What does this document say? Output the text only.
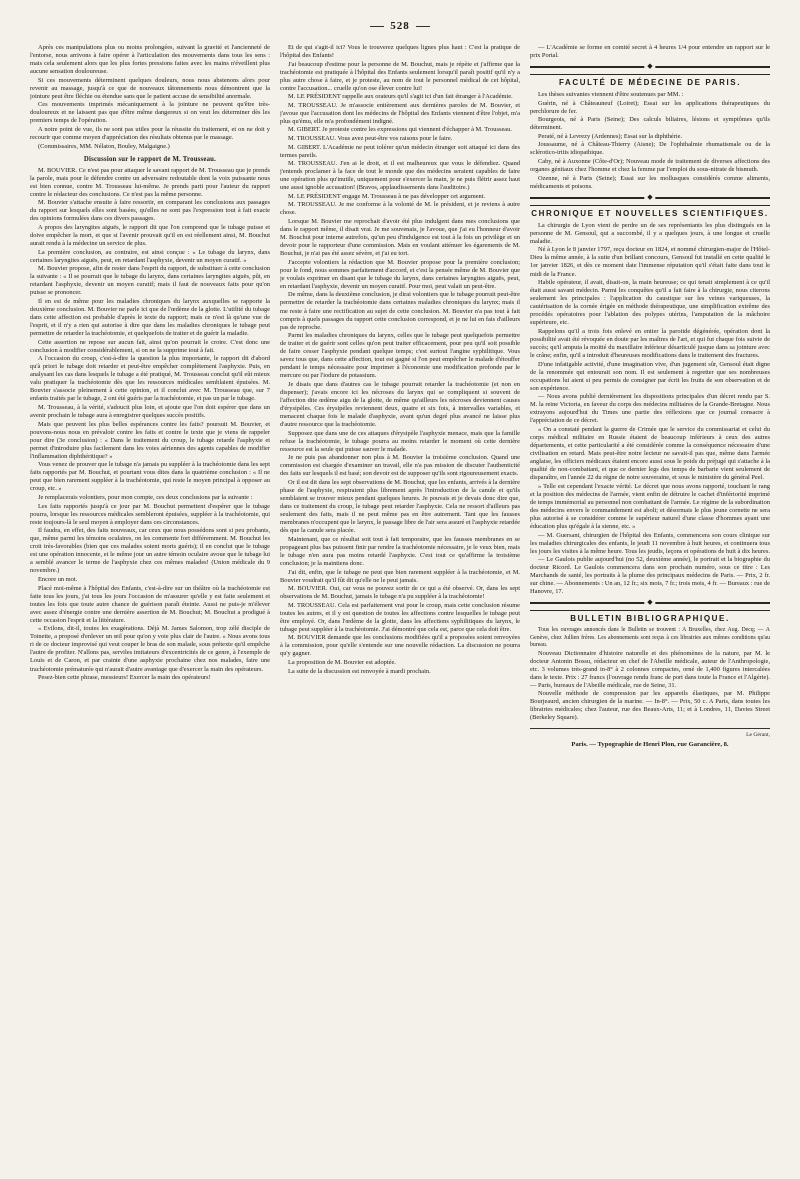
528

Après ces manipulations plus ou moins prolongées, suivant la gravité et l'ancienneté de l'entorse, nous arrivons à faire opérer à l'articulation des mouvements dans tous les sens : mais cela seulement alors que les plus fortes pressions faites avec les mains n'éveillent plus aucune sensation douloureuse.

Si ces mouvements déterminent quelques douleurs, nous nous abstenons alors pour revenir au massage, jusqu'à ce que de nouveaux tâtonnements nous démontrent que la jointure peut être fléchie ou étendue sans que le patient accuse de sensibilité anormale.

Ces mouvements imprimés mécaniquement à la jointure ne peuvent qu'être très-douloureux et ne laissent pas que d'être même dangereux si on veut les déterminer dès les premiers temps de l'opération.

A notre point de vue, ils ne sont pas utiles pour la réussite du traitement, et on ne doit y recourir que comme moyen d'appréciation des résultats obtenus par le massage.

(Commissaires, MM. Nélaton, Bouley, Malgaigne.)

Discussion sur le rapport de M. Trousseau.

M. BOUVIER. Ce n'est pas pour attaquer le savant rapport de M. Trousseau que je prends la parole, mais pour le défendre contre un adversaire redoutable dont la voix puissante nous est bien connue, contre M. Trousseau lui-même. Je prends parti pour l'auteur du rapport contre le rédacteur des conclusions. Ce n'est pas la même personne.

M. Bouvier s'attache ensuite à faire ressortir, en comparant les conclusions aux passages du rapport sur lesquels elles sont basées, qu'elles ne sont pas l'expression tout à fait exacte des opinions formulées dans ces divers passages.

A propos des laryngites aiguës, le rapport dit que l'on comprend que le tubage puisse et doive empêcher la mort, et que si l'avenir prouvait qu'il en est réellement ainsi, M. Bouchut aurait rendu à la médecine un service de plus.

La première conclusion, au contraire, est ainsi conçue : « Le tubage du larynx, dans certaines laryngites aiguës, peut, en retardant l'asphyxie, devenir un moyen curatif. »

M. Bouvier propose, afin de rester dans l'esprit du rapport, de substituer à cette conclusion la suivante : « Il se pourrait que le tubage du larynx, dans certaines laryngites aiguës, pût, en retardant l'asphyxie, devenir un moyen curatif; mais il faut de nouveaux faits pour qu'on puisse se prononcer.

Il en est de même pour les maladies chroniques du larynx auxquelles se rapporte la deuxième conclusion. M. Bouvier ne parle ici que de l'œdème de la glotte. L'utilité du tubage dans cette affection est probable d'après le texte du rapport; mais ce n'est là qu'une vue de l'esprit, et il n'y a rien qui autorise à dire que dans les maladies chroniques le tubage peut permettre de retarder la trachéotomie, et quelquefois de traiter et de guérir la maladie.

Cette assertion ne repose sur aucun fait, ainsi qu'on pourrait le croire. C'est donc une conclusion à modifier considérablement, si on ne la supprime tout à fait.

A l'occasion du croup, c'est-à-dire la question la plus importante, le rapport dit d'abord qu'à priori le tubage doit retarder et peut-être empêcher complètement l'asphyxie. Puis, en analysant les cas dans lesquels le tubage a été pratiqué, M. Trousseau conclut qu'il eût mieux valu pratiquer la trachéotomie dès que les ressources médicales semblaient épuisées. M. Bouvier s'associe pleinement à cette opinion, et il conclut avec M. Trousseau que, sur 7 enfants traités par le tubage, 2 ont été guéris par la trachéotomie, et pas un par le tubage.

M. Trousseau, à la vérité, s'adoucit plus loin, et ajoute que l'on doit espérer que dans un avenir prochain le tubage aura à enregistrer quelques succès positifs.

Mais que peuvent les plus belles espérances contre les faits? poursuit M. Bouvier, et pouvons-nous nous en prévaloir contre les faits et contre le texte que je viens de rappeler pour dire (3e conclusion) : « Dans le traitement du croup, le tubage retarde l'asphyxie et permet d'introduire plus facilement dans les voies aériennes des agents capables de modifier l'inflammation diphthéritique? »

Vous venez de prouver que le tubage n'a jamais pu suppléer à la trachéotomie dans les sept faits rapportés par M. Bouchut, et pourtant vous dites dans la quatrième conclusion : « Il ne peut que bien rarement suppléer à la trachéotomie, qui reste le moyen principal à opposer au croup, etc. »

Je remplacerais volontiers, pour mon compte, ces deux conclusions par la suivante :

Les faits rapportés jusqu'à ce jour par M. Bouchut permettent d'espérer que le tubage pourra, lorsque les ressources médicales sembleront épuisées, suppléer à la trachéotomie, qui reste toujours-là le seul moyen à employer dans ces circonstances.

Il faudra, en effet, des faits nouveaux, car ceux que nous possédons sont si peu probants, que, même parmi les témoins oculaires, on les commente fort différemment. M. Bouchut les croit très-favorables (bien que ces malades soient morts guéris); il en conclut que le tubage est une opération innocente, et le même jour un autre témoin oculaire avoue que le tubage lui a semblé avancer le terme de l'asphyxie chez ces mêmes malades! (Union médicale du 9 novembre.)

Encore un mot.

Placé moi-même à l'hôpital des Enfants, c'est-à-dire sur un théâtre où la trachéotomie est faite tous les jours, j'ai tous les jours l'occasion de m'assurer qu'elle y est faite seulement et toutes les fois que toute autre chance de guérison paraît éteinte. Aussi ne puis-je m'élever avec assez d'énergie contre une dernière assertion de M. Bouchut; M. Bouchut a prodigué à cette occasion l'esprit et la littérature.

« Evilons, dit-il, toutes les exagérations. Déjà M. James Salomon, trop zélé disciple de Toinette, a proposé d'enlever un œil pour qu'on y voie plus clair de l'autre. » Nous avons tous ri de ce docteur improvisé qui veut couper le bras de son malade, sous prétexte qu'il empêche l'autre de profiter. N'allons pas, serviles imitateurs d'excentricités de ce genre, à l'exemple de Louis et de Caron, et par crainte d'une asphyxie prochaine chez nos malades, faire une trachéotomie prématurée qui n'aurait d'autre avantage que d'exercer la main des opérateurs.

Pesez-bien cette phrase, messieurs! Exercer la main des opérateurs!

Et de qui s'agit-il ici? Vous le trouverez quelques lignes plus haut : C'est la pratique de l'hôpital des Enfants!

J'ai beaucoup d'estime pour la personne de M. Bouchut, mais je répète et j'affirme que la trachéotomie est pratiquée à l'hôpital des Enfants seulement lorsqu'il paraît positif qu'il n'y a plus autre chose à faire, et je proteste, au nom de tout le personnel médical de cet hôpital, contre l'accusation... cruelle qu'on ose élever contre lui!

M. LE PRÉSIDENT rappelle aux orateurs qu'il s'agit ici d'un fait étranger à l'Académie.

M. TROUSSEAU. Je m'associe entièrement aux dernières paroles de M. Bouvier, et j'avoue que l'accusation dont les médecins de l'hôpital des Enfants viennent d'être l'objet, m'a plus qu'ému, elle m'a profondément indigné.

M. GIBERT. Je proteste contre les expressions qui viennent d'échapper à M. Trousseau.

M. TROUSSEAU. Vous avez peut-être vos raisons pour le faire.

M. GIBERT. L'Académie ne peut tolérer qu'un médecin étranger soit attaqué ici dans des termes pareils.

M. TROUSSEAU. J'en ai le droit, et il est malheureux que vous le défendiez. Quand j'entends proclamer à la face de tout le monde que des médecins seraient capables de faire une opération plus qu'inutile, uniquement pour s'exercer la main, je ne puis flétrir assez haut une aussi ignoble accusation! (Bravos, applaudissements dans l'auditoire.)

M. LE PRÉSIDENT engage M. Trousseau à ne pas développer cet argument.

M. TROUSSEAU. Je me conforme à la volonté de M. le président, et je reviens à autre chose.

Lorsque M. Bouvier me reprochait d'avoir été plus indulgent dans mes conclusions que dans le rapport même, il disait vrai. Je me souvenais, je l'avoue, que j'ai eu l'honneur d'avoir M. Bouchut pour interne autrefois, qu'un peu d'indulgence est tout à la fois un privilège et un devoir pour le rapporteur d'une commission. Mais en voulant atténuer les égarements de M. Bouchut, je n'ai pas été assez sévère, et j'ai eu tort.

J'accepte volontiers la rédaction que M. Bouvier propose pour la première conclusion; pour le fond, nous sommes parfaitement d'accord, et c'est la pensée même de M. Bouvier que je voulais exprimer en disant que le tubage du larynx, dans certaines laryngites aiguës, peut, en retardant l'asphyxie, devenir un moyen curatif. Pour moi, peut valait un peut-être.

De même, dans la deuxième conclusion, je dirai volontiers que le tubage pourrait peut-être permettre de retarder la trachéotomie dans certaines maladies chroniques du larynx; mais il me reste à faire une rectification au sujet de cette conclusion. M. Bouvier n'a pas tout à fait compris à quels passages du rapport cette conclusion correspond, et je ne lui en fais d'ailleurs pas de reproche.

Parmi les maladies chroniques du larynx, celles que le tubage peut quelquefois permettre de traiter et de guérir sont celles qu'on peut traiter efficacement, pour peu qu'il soit possible de faire cesser l'asphyxie pendant quelque temps; c'est surtout l'angine syphilitique. Vous savez tous que, dans cette affection, tout est gagné si l'on peut empêcher le malade d'étouffer pendant le temps nécessaire pour imprimer à l'économie une modification profonde par le mercure ou par l'iodure de potassium.

Je disais que dans d'autres cas le tubage pourrait retarder la trachéotomie (et non en dispenser); j'avais encore ici les nécroses du larynx qui se compliquent si souvent de l'affection dite œdème aigu de la glotte, de même qu'ailleurs les nécroses deviennent causes d'érysipèles. Ces érysipèles reviennent deux, quatre et six fois, à intervalles variables, et menacent chaque fois le malade d'asphyxie, avant qu'un degré plus avancé ne laisse plus d'autre ressource que la trachéotomie.

Supposez que dans une de ces attaques d'érysipèle l'asphyxie menace, mais que la famille refuse la trachéotomie, le tubage pourra au moins retarder le moment où cette dernière ressource est la seule qui puisse sauver le malade.

Je ne puis pas abandonner non plus à M. Bouvier la troisième conclusion. Quand une commission est chargée d'examiner un travail, elle n'a pas mission de discuter l'authenticité des faits sur lesquels il est basé; son devoir est de supposer qu'ils sont rigoureusement exacts.

Or il est dit dans les sept observations de M. Bouchut, que les enfants, arrivés à la dernière phase de l'asphyxie, respiraient plus librement après l'introduction de la canule et qu'ils semblaient se trouver mieux pendant quelques heures. Je pouvais et je devais donc dire que, dans ce traitement du croup, le tubage peut retarder l'asphyxie. Cela ne ressort d'ailleurs pas seulement des faits, mais il ne peut même pas en être autrement. Tant que les fausses membranes n'occupent que le larynx, le passage libre de l'air sera assuré et l'asphyxie retardée dès que la canule sera placée.

Maintenant, que ce résultat soit tout à fait temporaire, que les fausses membranes en se propageant plus bas puissent finir par rendre la trachéotomie nécessaire, je le veux bien, mais le tubage n'en aura pas moins retardé l'asphyxie. C'est tout ce qu'affirme la troisième conclusion; je la maintiens donc.

J'ai dit, enfin, que le tubage ne peut que bien rarement suppléer à la trachéotomie, et M. Bouvier voudrait qu'il fût dit qu'elle ne le peut jamais.

M. BOUVIER. Oui, car vous ne pouvez sortir de ce qui a été observé. Or, dans les sept observations de M. Bouchut, jamais le tubage n'a pu suppléer à la trachéotomie!

M. TROUSSEAU. Cela est parfaitement vrai pour le croup, mais cette conclusion résume toutes les autres, et il y est question de toutes les affections contre lesquelles le tubage peut être employé. Or, dans l'œdème de la glotte, dans les affections syphilitiques du larynx, le tubage peut suppléer à la trachéotomie. J'ai démontré que cela est, parce que cela doit être.

M. BOUVIER demande que les conclusions modifiées qu'il a proposées soient renvoyées à la commission, pour qu'elle s'entende sur une nouvelle rédaction. La discussion ne pourra qu'y gagner.

La proposition de M. Bouvier est adoptée.

La suite de la discussion est renvoyée à mardi prochain.

— L'Académie se forme en comité secret à 4 heures 1/4 pour entendre un rapport sur le prix Portal.

◆
FACULTÉ DE MÉDECINE DE PARIS.

Les thèses suivantes viennent d'être soutenues par MM. :

Guérin, né à Châteauneuf (Loiret); Essai sur les applications thérapeutiques du perchlorure de fer.

Bourgeois, né à Paris (Seine); Des calculs biliaires, lésions et symptômes qu'ils déterminent.

Peraté, né à Levrezy (Ardennes); Essai sur la diphthérie.

Joussaume, né à Château-Thierry (Aisne); De l'ophthalmie rhumatismale ou de la sclérotico-iritis idiopathique.

Caby, né à Auxonne (Côte-d'Or); Nouveau mode de traitement de diverses affections des organes génitaux chez l'homme et chez la femme par l'emploi du sous-nitrate de bismuth.

Ozenne, né à Paris (Seine); Essai sur les mollusques considérés comme aliments, médicaments et poisons.

◆
CHRONIQUE ET NOUVELLES SCIENTIFIQUES.

La chirurgie de Lyon vient de perdre un de ses représentants les plus distingués en la personne de M. Gensoul, qui a succombé, il y a quelques jours, à une longue et cruelle maladie.

Né à Lyon le 8 janvier 1797, reçu docteur en 1824, et nommé chirurgien-major de l'Hôtel-Dieu la même année, à la suite d'un brillant concours, Gensoul fut installé en cette qualité le 1er janvier 1826, et dès ce moment date l'immense réputation qu'il s'était faite dans tout le midi de la France.

Habile opérateur, il avait, disait-on, la main heureuse; ce qui tenait simplement à ce qu'il était aussi savant médecin. Parmi les conquêtes qu'il a fait faire à la chirurgie, nous citerons seulement les principales : l'application du caustique sur les veines variqueuses, la cautérisation de la cornée érigée en méthode thérapeutique, une simplification extrême des procédés opératoires pour l'ablation des polypes utérins, l'amputation de la mâchoire supérieure, etc.

Rappelons qu'il a trois fois enlevé en entier la parotide dégénérée, opération dont la possibilité avait été révoquée en doute par les maîtres de l'art, et qui fut chaque fois suivie de succès; qu'il amputa la moitié du maxillaire inférieur désarticulé jusque dans sa jointure avec le crâne; enfin, qu'il a introduit d'heureuses modifications dans le traitement des fractures.

D'une infatigable activité, d'une imagination vive, d'un jugement sûr, Gensoul était digne de la renommée qui entourait son nom. Il est seulement à regretter que ses nombreuses occupations lui aient si peu permis de consigner par écrit les fruits de son observation et de son expérience.

— Nous avons publié dernièrement les dispositions principales d'un décret rendu par S. M. la reine Victoria, en faveur du corps des médecins militaires de la Grande-Bretagne. Nous extrayons aujourd'hui du Times une partie des réflexions que ce journal consacre à l'appréciation de ce décret.

« On a constaté pendant la guerre de Crimée que le service du commissariat et celui du corps médical militaire en Russie étaient de beaucoup inférieurs à ceux des autres départements, et cette particularité a été considérée comme la conséquence nécessaire d'une civilisation en retard. Mais peut-être notre lecteur ne savait-il pas que, même dans l'armée anglaise, les officiers médicaux étaient encore aussi sous le poids du préjugé qui s'attache à la qualité de non-combattant, et que ce dernier legs des temps de barbarie vient seulement de disparaître, en l'année 22 du règne de notre souveraine, et sous le ministère du général Peel.

» Telle est cependant l'exacte vérité. Le décret que nous avons rapporté, touchant le rang et la position des médecins de l'armée, vient enfin de détruire le cachet d'infériorité imprimé de temps immémorial au personnel non combattant de l'armée. Le régime de la subordination des médecins envers le commandement est aboli; et désormais le plus jeune cornette ne sera plus autorisé à se considérer comme le supérieur naturel d'une classe d'hommes ayant une éducation plus qu'égale à la sienne, etc. »

— M. Guersant, chirurgien de l'hôpital des Enfants, commencera son cours clinique sur les maladies chirurgicales des enfants, le jeudi 11 novembre à huit heures, et continuera tous les jours les visites à la même heure. Tous les jeudis, leçons et opérations de huit à dix heures.

— Le Gaulois publie aujourd'hui (no 52, deuxième année), le portrait et la biographie du docteur Ricord. Le Gaulois commencera dans son prochain numéro, sous ce titre : Les Marchands de santé, les portraits à la plume des principaux médecins de Paris. — Prix, 2 fr. sur chine. — Abonnements : Un an, 12 fr.; six mois, 7 fr.; trois mois, 4 fr. — Bureaux : rue de Hanovre, 17.

◆
BULLETIN BIBLIOGRAPHIQUE.

Tous les ouvrages annoncés dans le Bulletin se trouvent : A Bruxelles, chez Aug. Decq; — A Genève, chez Jullien frères. Les abonnements sont reçus à ces librairies aux mêmes conditions qu'au bureau.

Nouveau Dictionnaire d'histoire naturelle et des phénomènes de la nature, par M. le docteur Antonin Bossu, rédacteur en chef de l'Abeille médicale, auteur de l'Anthropologie, etc. 3 volumes très-grand in-8° à 2 colonnes compactes, orné de 1,400 figures intercalées dans le texte. Prix : 27 francs (l'ouvrage rendu franc de port dans toute la France et l'Algérie). — Paris, bureaux de l'Abeille médicale, rue de Seine, 31.

Nouvelle méthode de compression par les appareils élastiques, par M. Philippe Bourjeaurd, ancien chirurgien de la marine. — In-8°. — Prix, 50 c. A Paris, dans toutes les librairies médicales; chez l'auteur, rue des Beaux-Arts, 11; et à Londres, 11, Davies Street (Berkeley Square).

Le Gérant,
Paris. — Typographie de Henri Plon, rue Garancière, 8.
